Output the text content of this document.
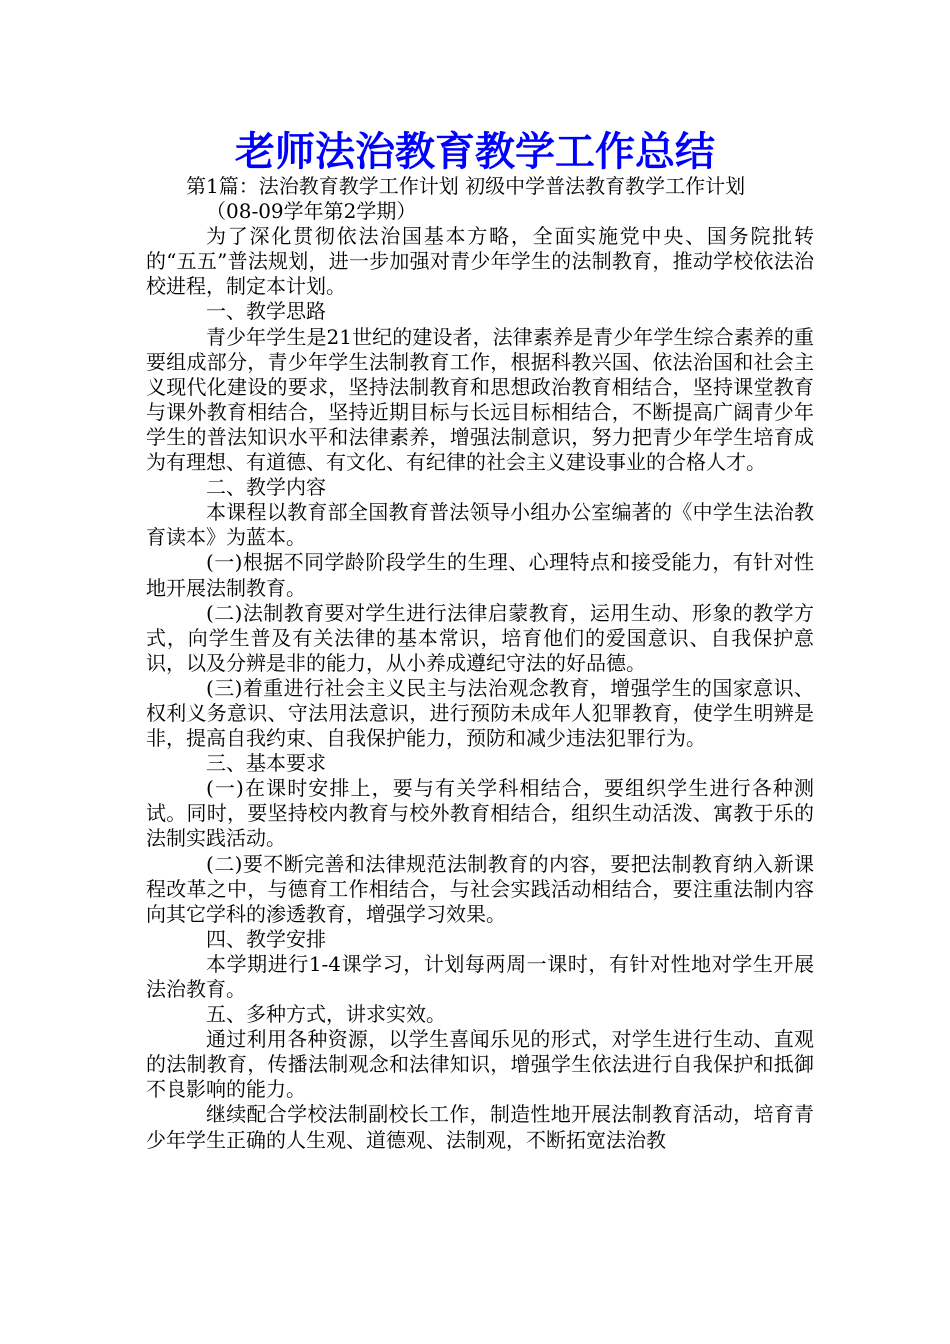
老师法治教育教学工作总结

第1篇：法治教育教学工作计划 初级中学普法教育教学工作计划

（08-09学年第2学期）

为了深化贯彻依法治国基本方略，全面实施党中央、国务院批转的“五五”普法规划，进一步加强对青少年学生的法制教育，推动学校依法治校进程，制定本计划。

一、教学思路

青少年学生是21世纪的建设者，法律素养是青少年学生综合素养的重要组成部分，青少年学生法制教育工作，根据科教兴国、依法治国和社会主义现代化建设的要求，坚持法制教育和思想政治教育相结合，坚持课堂教育与课外教育相结合，坚持近期目标与长远目标相结合，不断提高广阔青少年学生的普法知识水平和法律素养，增强法制意识，努力把青少年学生培育成为有理想、有道德、有文化、有纪律的社会主义建设事业的合格人才。

二、教学内容

本课程以教育部全国教育普法领导小组办公室编著的《中学生法治教育读本》为蓝本。

(一)根据不同学龄阶段学生的生理、心理特点和接受能力，有针对性地开展法制教育。

(二)法制教育要对学生进行法律启蒙教育，运用生动、形象的教学方式，向学生普及有关法律的基本常识，培育他们的爱国意识、自我保护意识，以及分辨是非的能力，从小养成遵纪守法的好品德。

(三)着重进行社会主义民主与法治观念教育，增强学生的国家意识、权利义务意识、守法用法意识，进行预防未成年人犯罪教育，使学生明辨是非，提高自我约束、自我保护能力，预防和减少违法犯罪行为。

三、基本要求

(一)在课时安排上，要与有关学科相结合，要组织学生进行各种测试。同时，要坚持校内教育与校外教育相结合，组织生动活泼、寓教于乐的法制实践活动。

(二)要不断完善和法律规范法制教育的内容，要把法制教育纳入新课程改革之中，与德育工作相结合，与社会实践活动相结合，要注重法制内容向其它学科的渗透教育，增强学习效果。

四、教学安排

本学期进行1-4课学习，计划每两周一课时，有针对性地对学生开展法治教育。

五、多种方式，讲求实效。

通过利用各种资源，以学生喜闻乐见的形式，对学生进行生动、直观的法制教育，传播法制观念和法律知识，增强学生依法进行自我保护和抵御不良影响的能力。

继续配合学校法制副校长工作，制造性地开展法制教育活动，培育青少年学生正确的人生观、道德观、法制观，不断拓宽法治教
